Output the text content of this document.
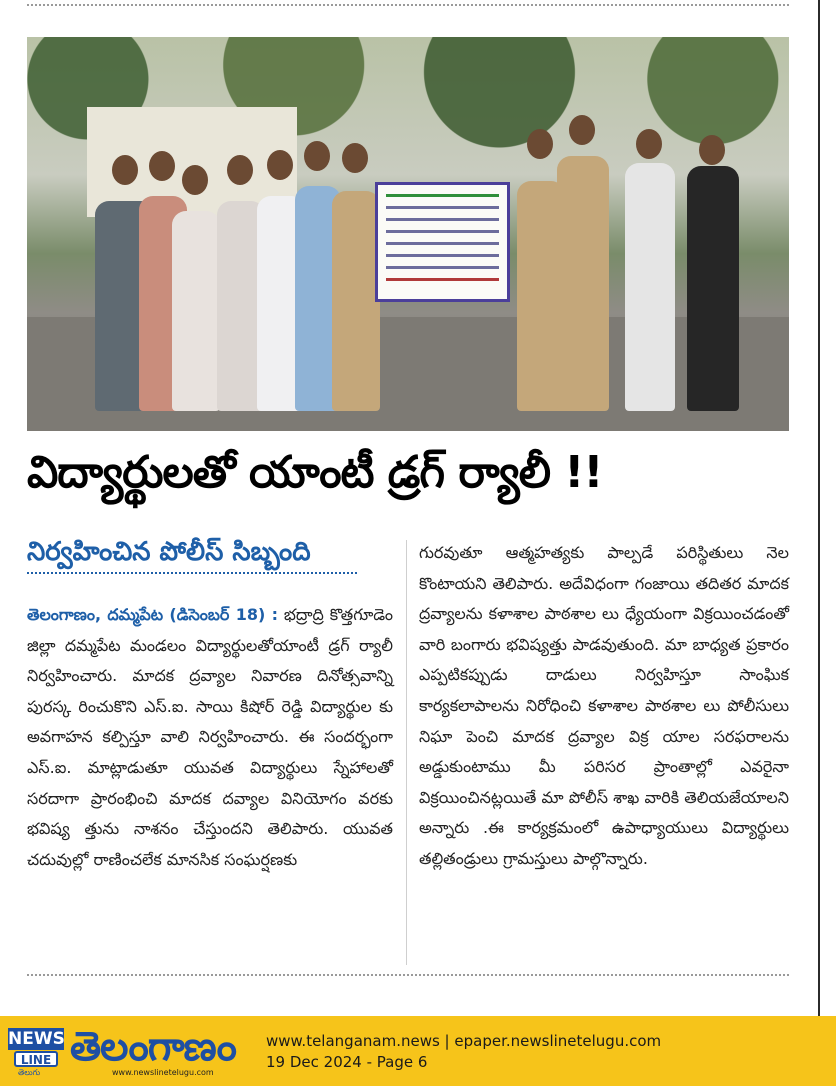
విద్యార్థులతో యాంటీ డ్రగ్ ర్యాలీ !!
నిర్వహించిన పోలీస్ సిబ్బంది

తెలంగాణం, దమ్మపేట (డిసెంబర్ 18) : భద్రాద్రి కొత్తగూడెం జిల్లా దమ్మపేట మండలం విద్యార్థులతోయాంటీ డ్రగ్ ర్యాలీ నిర్వహించారు. మాదక ద్రవ్యాల నివారణ దినోత్సవాన్ని పురస్క రించుకొని ఎస్.ఐ. సాయి కిషోర్ రెడ్డి విద్యార్థుల కు అవగాహన కల్పిస్తూ వాలి నిర్వహించారు. ఈ సందర్భంగా ఎస్.ఐ. మాట్లాడుతూ యువత విద్యార్థులు స్నేహాలతో సరదాగా ప్రారంభించి మాదక దవ్యాల వినియోగం వరకు భవిష్య త్తును నాశనం చేస్తుందని తెలిపారు. యువత చదువుల్లో రాణించలేక మానసిక సంఘర్షణకు

గురవుతూ ఆత్మహత్యకు పాల్పడే పరిస్థితులు నెల కొంటాయని తెలిపారు. అదేవిధంగా గంజాయి తదితర మాదక ద్రవ్యాలను కళాశాల పాఠశాల లు ధ్యేయంగా విక్రయించడంతో వారి బంగారు భవిష్యత్తు పాడవుతుంది. మా బాధ్యత ప్రకారం ఎప్పటికప్పుడు దాడులు నిర్వహిస్తూ సాంఘిక కార్యకలాపాలను నిరోధించి కళాశాల పాఠశాల లు పోలీసులు నిఘా పెంచి మాదక ద్రవ్యాల విక్ర యాల సరఫరాలను అడ్డుకుంటాము మీ పరిసర ప్రాంతాల్లో ఎవరైనా విక్రయించినట్లయితే మా పోలీస్ శాఖ వారికి తెలియజేయాలని అన్నారు .ఈ కార్యక్రమంలో ఉపాధ్యాయులు విద్యార్థులు తల్లితండ్రులు గ్రామస్తులు పాల్గొన్నారు.

NEWS
LINE
తెలుగు
తెలంగాణం
www.newslinetelugu.com
www.telanganam.news | epaper.newslinetelugu.com
19 Dec 2024 - Page 6
